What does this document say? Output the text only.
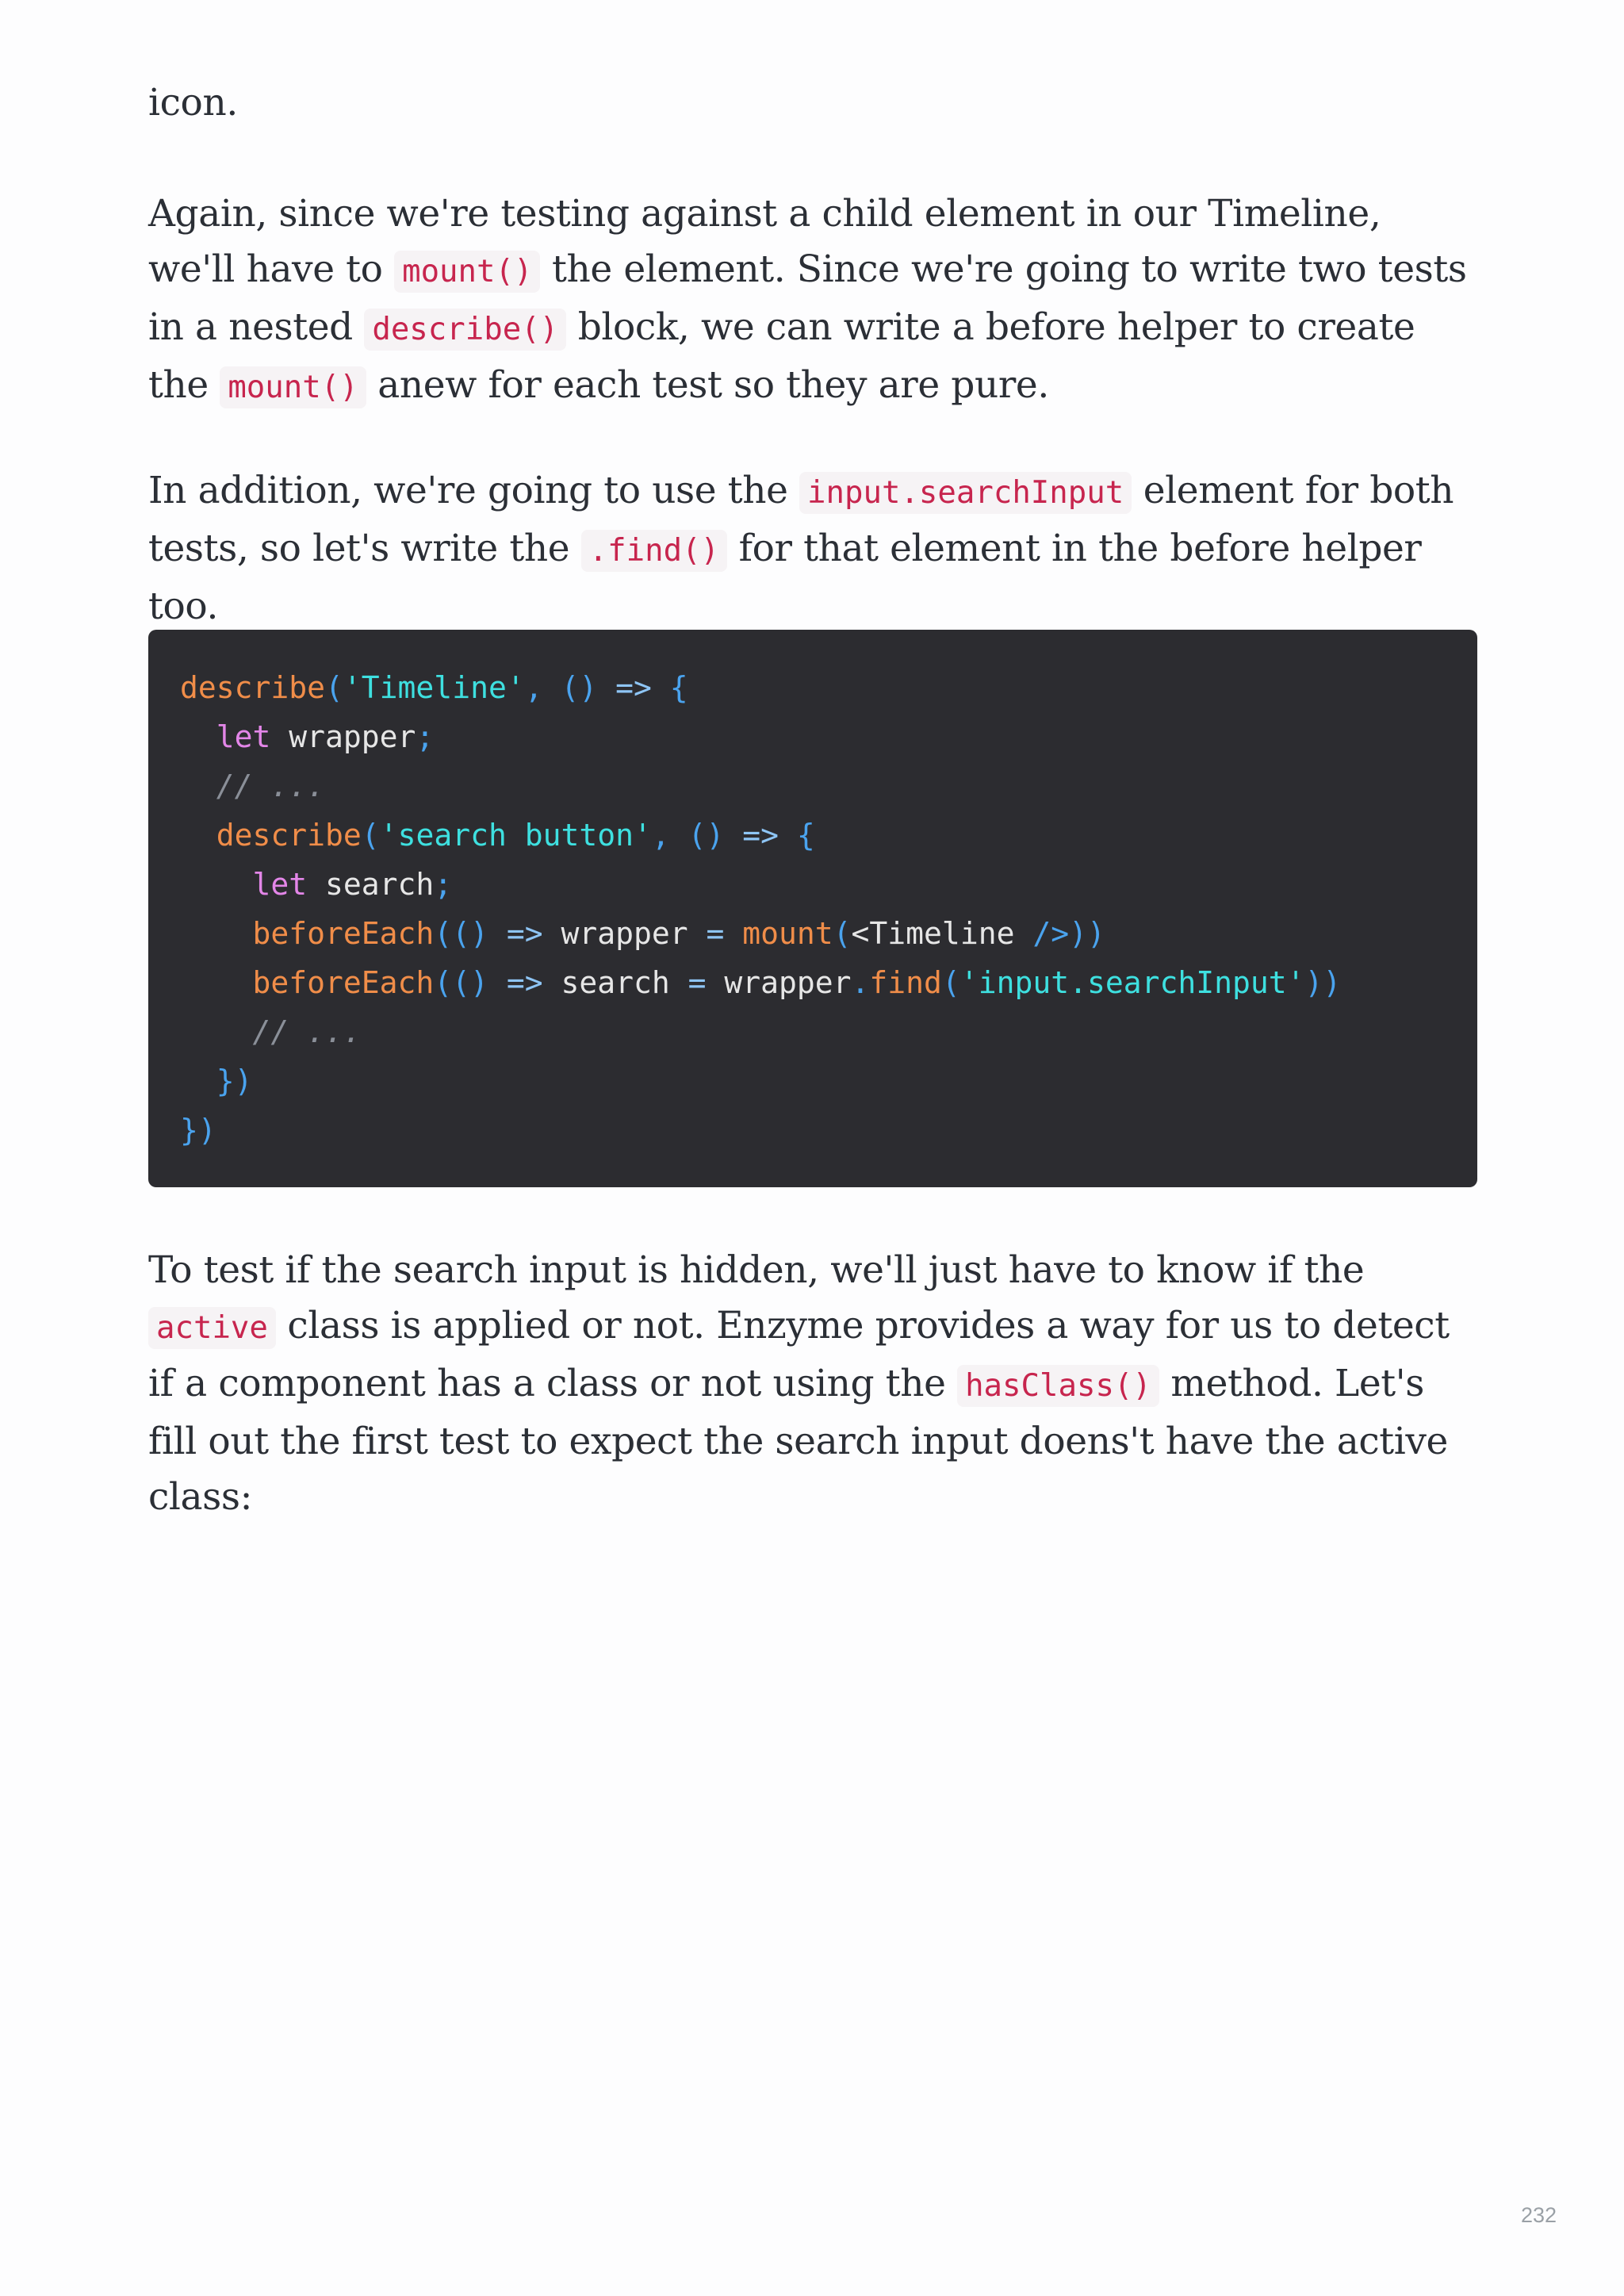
icon.

Again, since we're testing against a child element in our Timeline, we'll have to mount() the element. Since we're going to write two tests in a nested describe() block, we can write a before helper to create the mount() anew for each test so they are pure.

In addition, we're going to use the input.searchInput element for both tests, so let's write the .find() for that element in the before helper too.

describe('Timeline', () => {
let wrapper;
// ...
describe('search button', () => {
let search;
beforeEach(() => wrapper = mount(<Timeline />))
beforeEach(() => search = wrapper.find('input.searchInput'))
// ...
})
})

To test if the search input is hidden, we'll just have to know if the active class is applied or not. Enzyme provides a way for us to detect if a component has a class or not using the hasClass() method. Let's fill out the first test to expect the search input doens't have the active class:

232
